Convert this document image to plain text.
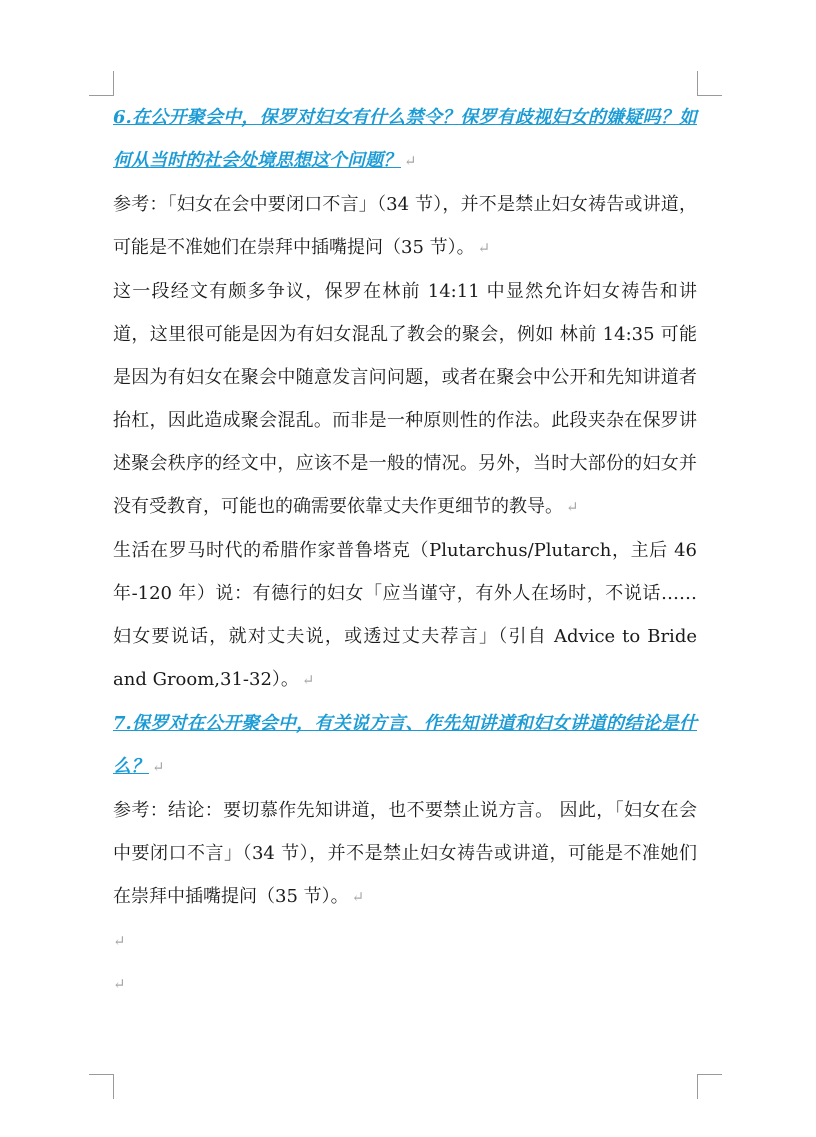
6.在公开聚会中，保罗对妇女有什么禁令？保罗有歧视妇女的嫌疑吗？如何从当时的社会处境思想这个问题？ ↵

参考：「妇女在会中要闭口不言」（34 节），并不是禁止妇女祷告或讲道，可能是不准她们在崇拜中插嘴提问（35 节）。 ↵

这一段经文有颇多争议，保罗在林前 14:11 中显然允许妇女祷告和讲道，这里很可能是因为有妇女混乱了教会的聚会，例如 林前 14:35 可能是因为有妇女在聚会中随意发言问问题，或者在聚会中公开和先知讲道者抬杠，因此造成聚会混乱。而非是一种原则性的作法。此段夹杂在保罗讲述聚会秩序的经文中，应该不是一般的情况。另外，当时大部份的妇女并没有受教育，可能也的确需要依靠丈夫作更细节的教导。 ↵

生活在罗马时代的希腊作家普鲁塔克（Plutarchus/Plutarch，主后 46 年-120 年）说：有德行的妇女「应当谨守，有外人在场时，不说话……妇女要说话，就对丈夫说，或透过丈夫荐言」（引自 Advice to Bride and Groom,31-32）。 ↵

7.保罗对在公开聚会中，有关说方言、作先知讲道和妇女讲道的结论是什么？ ↵

参考：结论：要切慕作先知讲道，也不要禁止说方言。 因此，「妇女在会中要闭口不言」（34 节），并不是禁止妇女祷告或讲道，可能是不准她们在崇拜中插嘴提问（35 节）。 ↵

↵

↵
